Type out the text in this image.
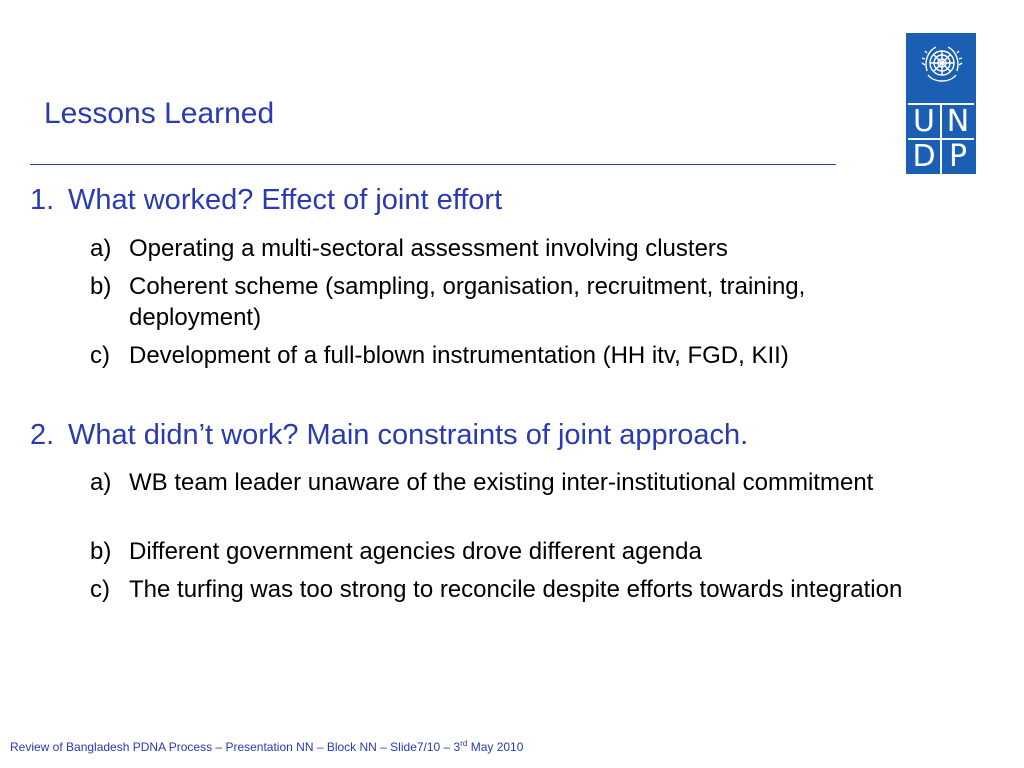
Lessons Learned	U N
D P
1. What worked? Effect of joint effort
a) Operating a multi-sectoral assessment involving clusters
b) Coherent scheme (sampling, organisation, recruitment, training, deployment)
c) Development of a full-blown instrumentation (HH itv, FGD, KII)
2. What didn’t work? Main constraints of joint approach.
a) WB team leader unaware of the existing inter-institutional commitment
b) Different government agencies drove different agenda
c) The turfing was too strong to reconcile despite efforts towards integration
Review of Bangladesh PDNA Process – Presentation NN – Block NN – Slide7/10 – 3rd May 2010
